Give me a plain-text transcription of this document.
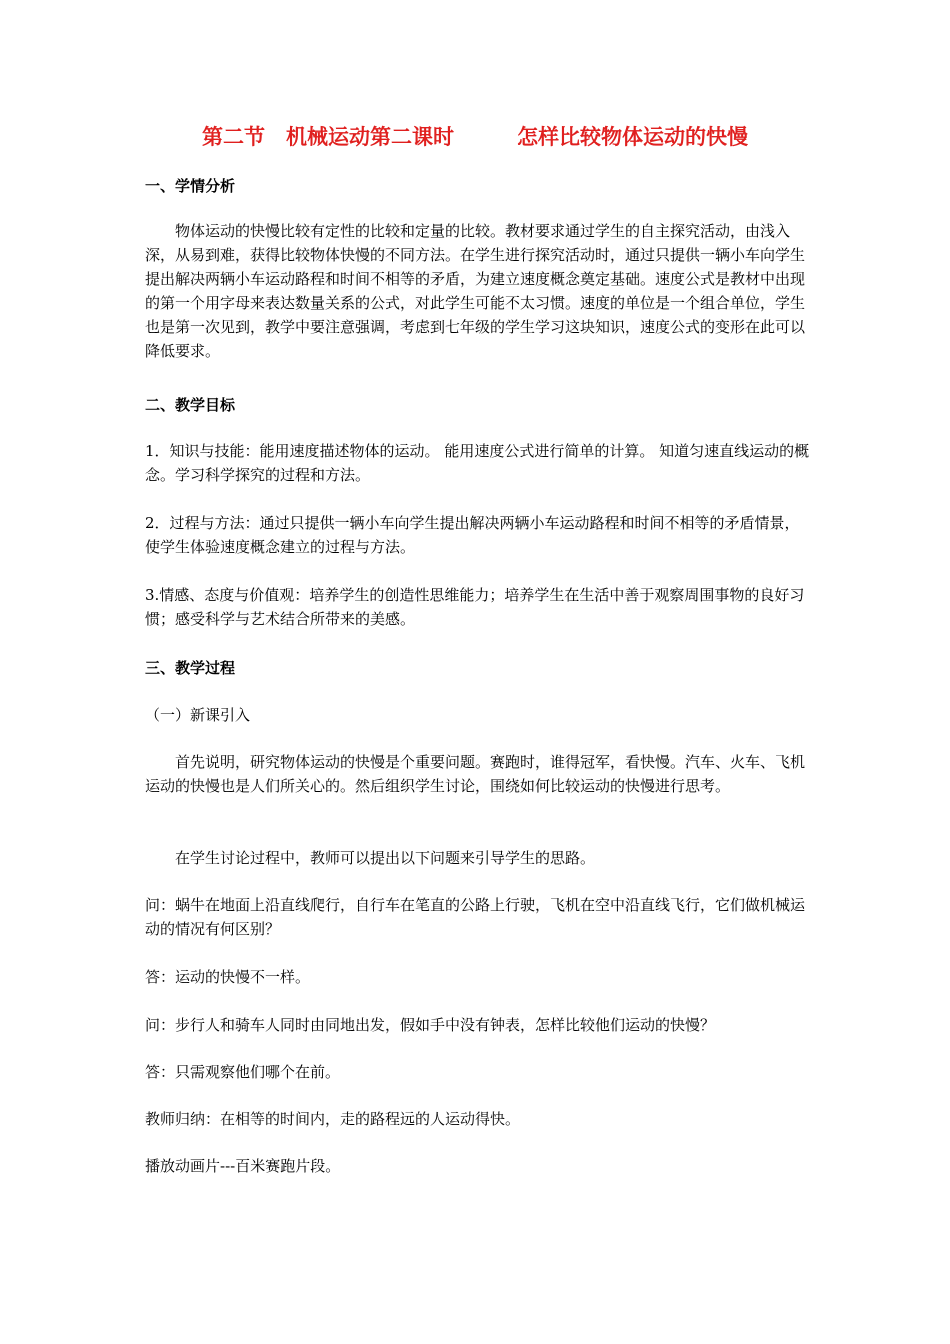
第二节　机械运动第二课时　　　怎样比较物体运动的快慢

一、学情分析

物体运动的快慢比较有定性的比较和定量的比较。教材要求通过学生的自主探究活动，由浅入深，从易到难，获得比较物体快慢的不同方法。在学生进行探究活动时，通过只提供一辆小车向学生提出解决两辆小车运动路程和时间不相等的矛盾，为建立速度概念奠定基础。速度公式是教材中出现的第一个用字母来表达数量关系的公式，对此学生可能不太习惯。速度的单位是一个组合单位，学生也是第一次见到，教学中要注意强调，考虑到七年级的学生学习这块知识，速度公式的变形在此可以降低要求。

二、教学目标

1．知识与技能：能用速度描述物体的运动。 能用速度公式进行简单的计算。 知道匀速直线运动的概念。学习科学探究的过程和方法。

2．过程与方法：通过只提供一辆小车向学生提出解决两辆小车运动路程和时间不相等的矛盾情景，使学生体验速度概念建立的过程与方法。

3.情感、态度与价值观：培养学生的创造性思维能力；培养学生在生活中善于观察周围事物的良好习惯；感受科学与艺术结合所带来的美感。

三、教学过程

（一）新课引入

首先说明，研究物体运动的快慢是个重要问题。赛跑时，谁得冠军，看快慢。汽车、火车、飞机运动的快慢也是人们所关心的。然后组织学生讨论，围绕如何比较运动的快慢进行思考。

在学生讨论过程中，教师可以提出以下问题来引导学生的思路。

问：蜗牛在地面上沿直线爬行，自行车在笔直的公路上行驶，飞机在空中沿直线飞行，它们做机械运动的情况有何区别？

答：运动的快慢不一样。

问：步行人和骑车人同时由同地出发，假如手中没有钟表，怎样比较他们运动的快慢？

答：只需观察他们哪个在前。

教师归纳：在相等的时间内，走的路程远的人运动得快。

播放动画片---百米赛跑片段。
